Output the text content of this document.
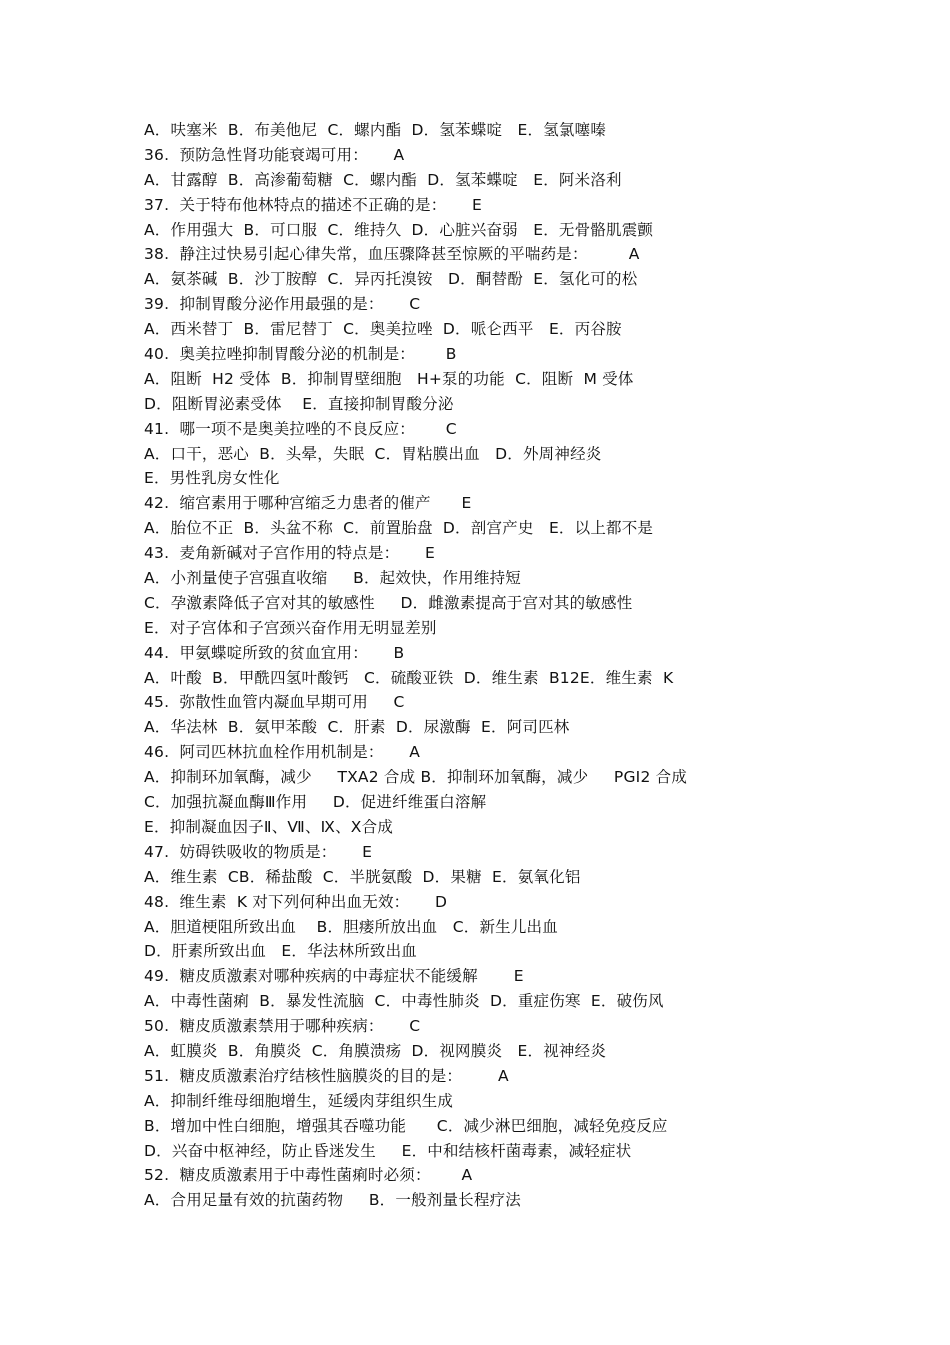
A．呋塞米  B．布美他尼  C．螺内酯  D．氢苯蝶啶   E．氢氯噻嗪
36.  预防急性肾功能衰竭可用：     A
A．甘露醇  B．高渗葡萄糖  C．螺内酯  D．氢苯蝶啶   E．阿米洛利
37.  关于特布他林特点的描述不正确的是：     E
A．作用强大  B．可口服  C．维持久  D．心脏兴奋弱   E．无骨骼肌震颤
38.  静注过快易引起心律失常，血压骤降甚至惊厥的平喘药是：        A
A．氨茶碱  B．沙丁胺醇  C．异丙托溴铵   D．酮替酚  E．氢化可的松
39.  抑制胃酸分泌作用最强的是：     C
A．西米替丁  B．雷尼替丁  C．奥美拉唑  D．哌仑西平   E．丙谷胺
40.  奥美拉唑抑制胃酸分泌的机制是：      B
A．阻断  H2 受体  B．抑制胃壁细胞   H+泵的功能  C．阻断  M 受体
D．阻断胃泌素受体    E．直接抑制胃酸分泌
41.  哪一项不是奥美拉唑的不良反应：      C
A．口干，恶心  B．头晕，失眠  C．胃粘膜出血   D．外周神经炎
E．男性乳房女性化
42.  缩宫素用于哪种宫缩乏力患者的催产      E
A．胎位不正  B．头盆不称  C．前置胎盘  D．剖宫产史   E．以上都不是
43.  麦角新碱对子宫作用的特点是：     E
A．小剂量使子宫强直收缩     B．起效快，作用维持短
C．孕激素降低子宫对其的敏感性     D．雌激素提高于宫对其的敏感性
E．对子宫体和子宫颈兴奋作用无明显差别
44.  甲氨蝶啶所致的贫血宜用：     B
A．叶酸  B．甲酰四氢叶酸钙   C．硫酸亚铁  D．维生素  B12E．维生素  K
45.  弥散性血管内凝血早期可用     C
A．华法林  B．氨甲苯酸  C．肝素  D．尿激酶  E．阿司匹林
46.  阿司匹林抗血栓作用机制是：     A
A．抑制环加氧酶，减少     TXA2 合成 B．抑制环加氧酶，减少     PGI2 合成
C．加强抗凝血酶Ⅲ作用     D．促进纤维蛋白溶解
E．抑制凝血因子Ⅱ、Ⅶ、Ⅸ、Ⅹ合成
47.  妨碍铁吸收的物质是：     E
A．维生素  CB．稀盐酸  C．半胱氨酸  D．果糖  E．氨氧化铝
48.  维生素  K 对下列何种出血无效：     D
A．胆道梗阻所致出血    B．胆瘘所放出血   C．新生儿出血
D．肝素所致出血   E．华法林所致出血
49.  糖皮质激素对哪种疾病的中毒症状不能缓解       E
A．中毒性菌痢  B．暴发性流脑  C．中毒性肺炎  D．重症伤寒  E．破伤风
50.  糖皮质激素禁用于哪种疾病：     C
A．虹膜炎  B．角膜炎  C．角膜溃疡  D．视网膜炎   E．视神经炎
51.  糖皮质激素治疗结核性脑膜炎的目的是：       A
A．抑制纤维母细胞增生，延缓肉芽组织生成
B．增加中性白细胞，增强其吞噬功能      C．减少淋巴细胞，减轻免疫反应
D．兴奋中枢神经，防止昏迷发生     E．中和结核杆菌毒素，减轻症状
52.  糖皮质激素用于中毒性菌痢时必须：      A
A．合用足量有效的抗菌药物     B．一般剂量长程疗法
